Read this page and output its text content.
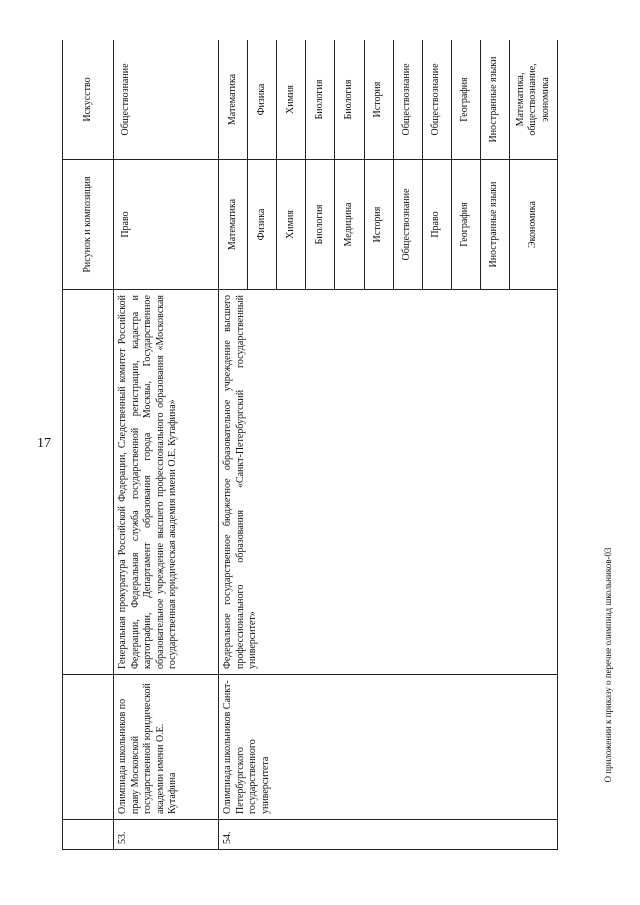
17
			Рисунок и композиция	Искусство
53.	Олимпиада школьников по праву Московской государственной юридической академии имени О.Е. Кутафина	Генеральная прокуратура Российской Федерации, Следственный комитет Российской Федерации, Федеральная служба государственной регистрации, кадастра и картографии, Департамент образования города Москвы, Государственное образовательное учреждение высшего профессионального образования «Московская государственная юридическая академия имени О.Е. Кутафина»	Право	Обществознание
54.	Олимпиада школьников Санкт-Петербургского государственного университета	Федеральное государственное бюджетное образовательное учреждение высшего профессионального образования «Санкт-Петербургский государственный университет»	Математика	Математика
			Физика	Физика
			Химия	Химия
			Биология	Биология
			Медицина	Биология
			История	История
			Обществознание	Обществознание
			Право	Обществознание
			География	География
			Иностранные языки	Иностранные языки
			Экономика	Математика, обществознание, экономика
О приложении к приказу о перечне олимпиад школьников-03
